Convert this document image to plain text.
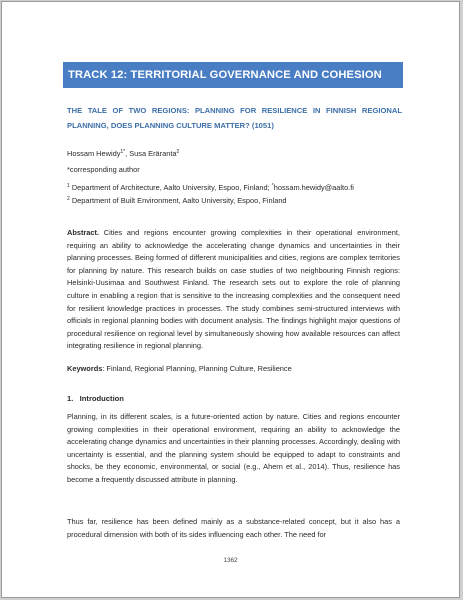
TRACK 12: TERRITORIAL GOVERNANCE AND COHESION
THE TALE OF TWO REGIONS: PLANNING FOR RESILIENCE IN FINNISH REGIONAL PLANNING, DOES PLANNING CULTURE MATTER? (1051)
Hossam Hewidy$^{1*}$, Susa Eräranta$^2$
*corresponding author
$^1$ Department of Architecture, Aalto University, Espoo, Finland; *hossam.hewidy@aalto.fi
$^2$ Department of Built Environment, Aalto University, Espoo, Finland
Abstract. Cities and regions encounter growing complexities in their operational environment, requiring an ability to acknowledge the accelerating change dynamics and uncertainties in their planning processes. Being formed of different municipalities and cities, regions are complex territories for planning by nature. This research builds on case studies of two neighbouring Finnish regions: Helsinki-Uusimaa and Southwest Finland. The research sets out to explore the role of planning culture in enabling a region that is sensitive to the increasing complexities and the consequent need for resilient knowledge practices in processes. The study combines semi-structured interviews with officials in regional planning bodies with document analysis. The findings highlight major questions of procedural resilience on regional level by simultaneously showing how available resources can affect integrating resilience in regional planning.
Keywords: Finland, Regional Planning, Planning Culture, Resilience
1.   Introduction
Planning, in its different scales, is a future-oriented action by nature. Cities and regions encounter growing complexities in their operational environment, requiring an ability to acknowledge the accelerating change dynamics and uncertainties in their planning processes. Accordingly, dealing with uncertainty is essential, and the planning system should be equipped to adapt to constraints and shocks, be they economic, environmental, or social (e.g., Ahern et al., 2014). Thus, resilience has become a frequently discussed attribute in planning.
Thus far, resilience has been defined mainly as a substance-related concept, but it also has a procedural dimension with both of its sides influencing each other. The need for
1362
